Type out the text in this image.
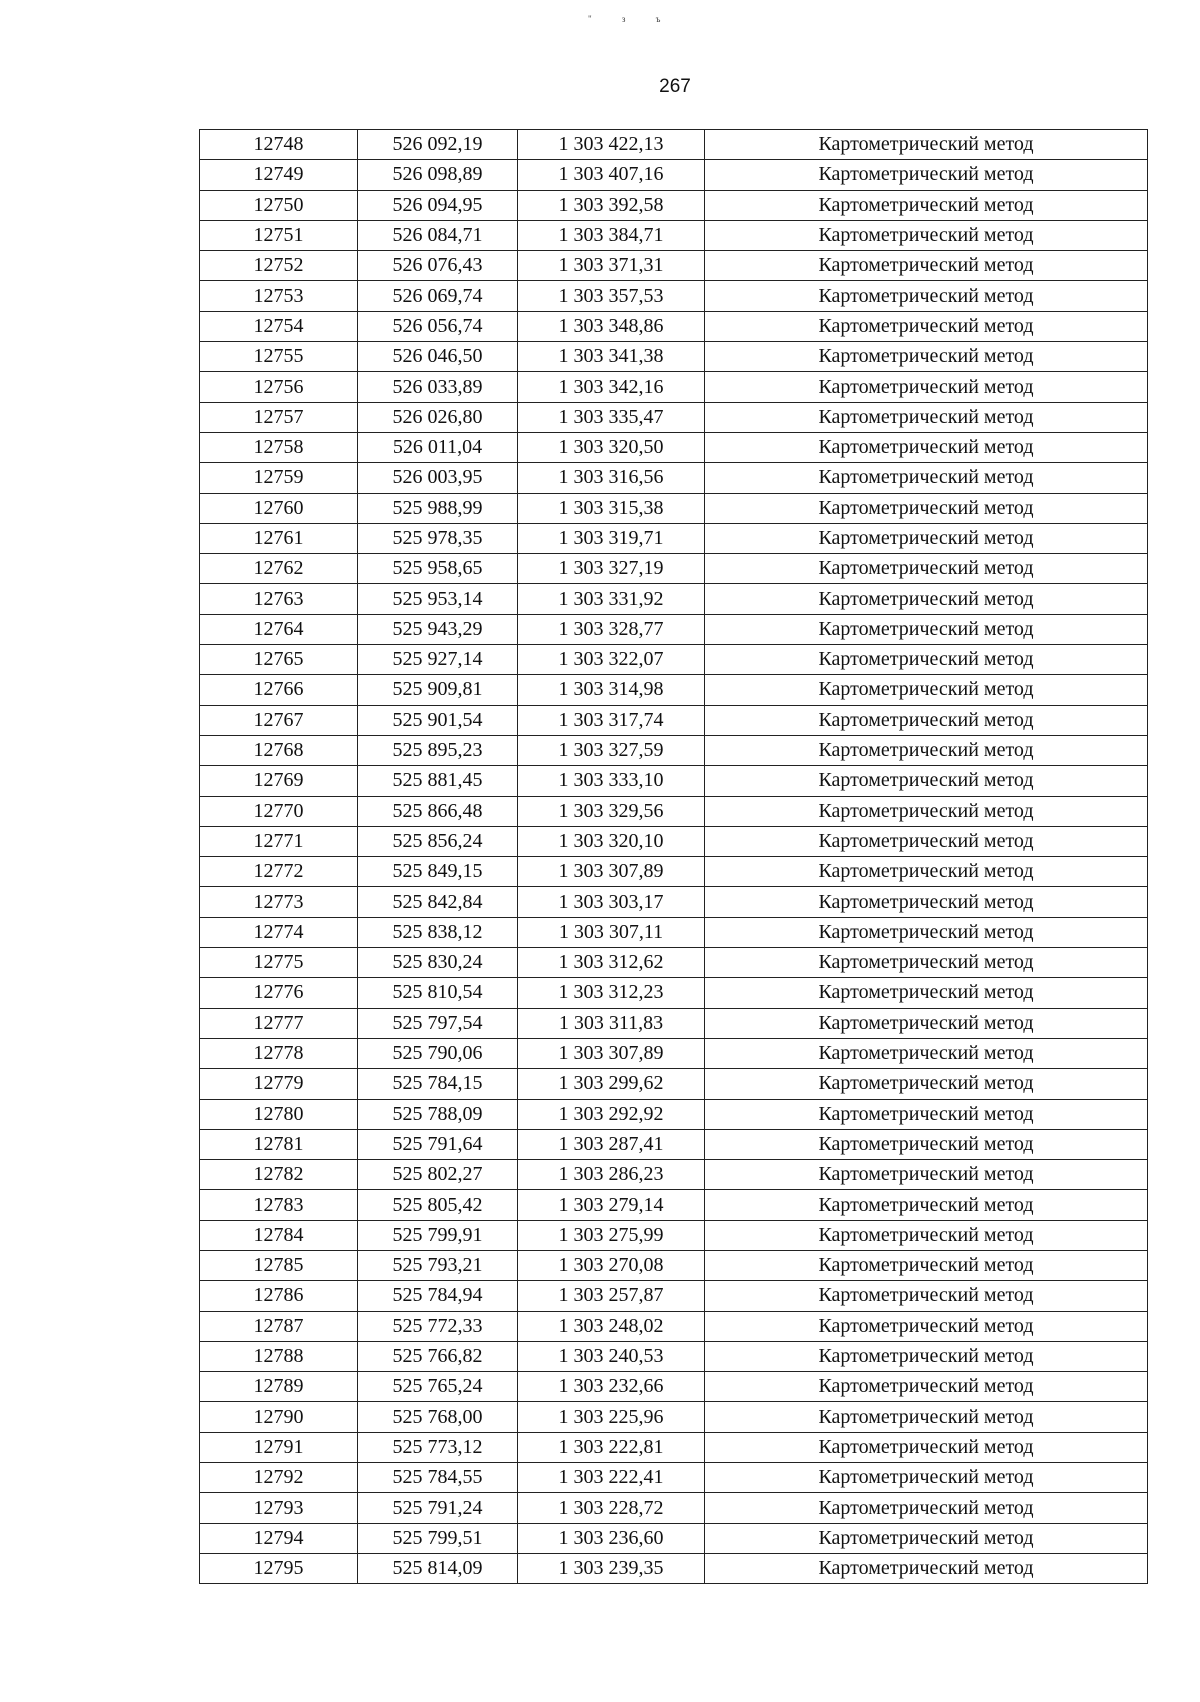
" з ъ
267
12748	526 092,19	1 303 422,13	Картометрический метод
12749	526 098,89	1 303 407,16	Картометрический метод
12750	526 094,95	1 303 392,58	Картометрический метод
12751	526 084,71	1 303 384,71	Картометрический метод
12752	526 076,43	1 303 371,31	Картометрический метод
12753	526 069,74	1 303 357,53	Картометрический метод
12754	526 056,74	1 303 348,86	Картометрический метод
12755	526 046,50	1 303 341,38	Картометрический метод
12756	526 033,89	1 303 342,16	Картометрический метод
12757	526 026,80	1 303 335,47	Картометрический метод
12758	526 011,04	1 303 320,50	Картометрический метод
12759	526 003,95	1 303 316,56	Картометрический метод
12760	525 988,99	1 303 315,38	Картометрический метод
12761	525 978,35	1 303 319,71	Картометрический метод
12762	525 958,65	1 303 327,19	Картометрический метод
12763	525 953,14	1 303 331,92	Картометрический метод
12764	525 943,29	1 303 328,77	Картометрический метод
12765	525 927,14	1 303 322,07	Картометрический метод
12766	525 909,81	1 303 314,98	Картометрический метод
12767	525 901,54	1 303 317,74	Картометрический метод
12768	525 895,23	1 303 327,59	Картометрический метод
12769	525 881,45	1 303 333,10	Картометрический метод
12770	525 866,48	1 303 329,56	Картометрический метод
12771	525 856,24	1 303 320,10	Картометрический метод
12772	525 849,15	1 303 307,89	Картометрический метод
12773	525 842,84	1 303 303,17	Картометрический метод
12774	525 838,12	1 303 307,11	Картометрический метод
12775	525 830,24	1 303 312,62	Картометрический метод
12776	525 810,54	1 303 312,23	Картометрический метод
12777	525 797,54	1 303 311,83	Картометрический метод
12778	525 790,06	1 303 307,89	Картометрический метод
12779	525 784,15	1 303 299,62	Картометрический метод
12780	525 788,09	1 303 292,92	Картометрический метод
12781	525 791,64	1 303 287,41	Картометрический метод
12782	525 802,27	1 303 286,23	Картометрический метод
12783	525 805,42	1 303 279,14	Картометрический метод
12784	525 799,91	1 303 275,99	Картометрический метод
12785	525 793,21	1 303 270,08	Картометрический метод
12786	525 784,94	1 303 257,87	Картометрический метод
12787	525 772,33	1 303 248,02	Картометрический метод
12788	525 766,82	1 303 240,53	Картометрический метод
12789	525 765,24	1 303 232,66	Картометрический метод
12790	525 768,00	1 303 225,96	Картометрический метод
12791	525 773,12	1 303 222,81	Картометрический метод
12792	525 784,55	1 303 222,41	Картометрический метод
12793	525 791,24	1 303 228,72	Картометрический метод
12794	525 799,51	1 303 236,60	Картометрический метод
12795	525 814,09	1 303 239,35	Картометрический метод
